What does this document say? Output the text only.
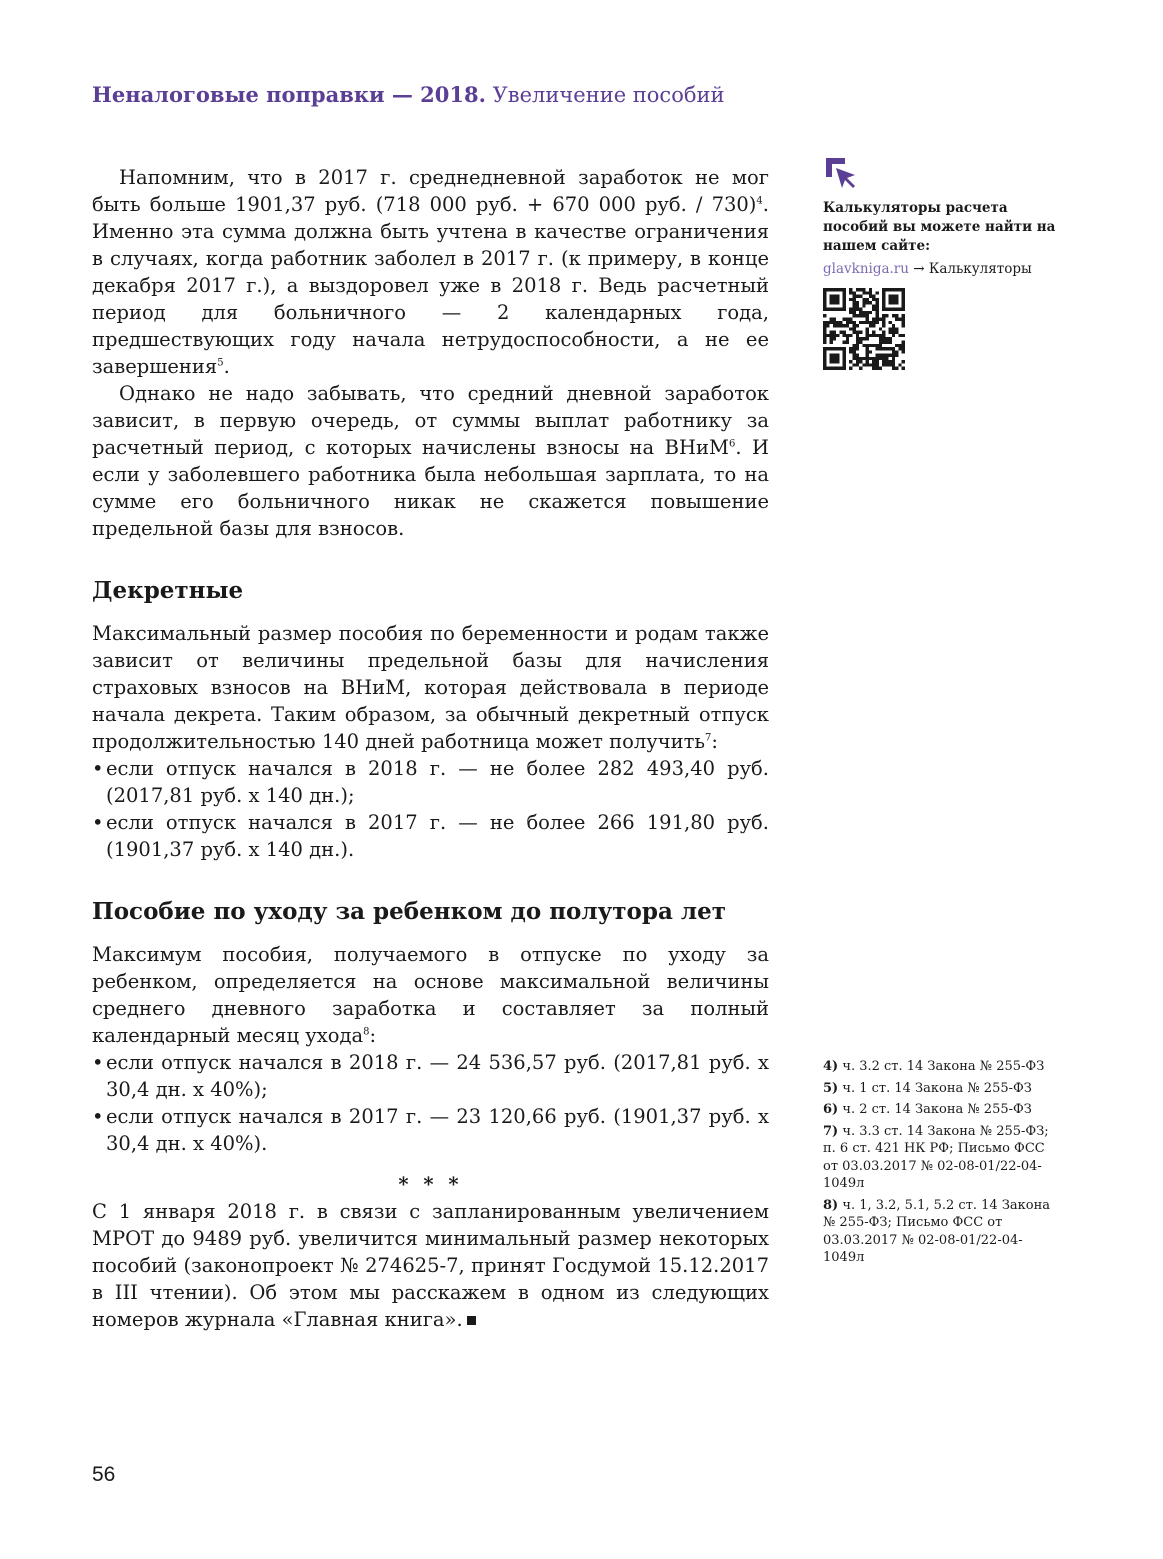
Неналоговые поправки — 2018. Увеличение пособий

Напомним, что в 2017 г. среднедневной заработок не мог быть больше 1901,37 руб. (718 000 руб. + 670 000 руб. / 730)$^4$. Именно эта сумма должна быть учтена в качестве ограничения в случаях, когда работник заболел в 2017 г. (к примеру, в конце декабря 2017 г.), а выздоровел уже в 2018 г. Ведь расчетный период для больничного — 2 календарных года, предшествующих году начала нетрудоспособности, а не ее завершения$^5$.

Однако не надо забывать, что средний дневной заработок зависит, в первую очередь, от суммы выплат работнику за расчетный период, с которых начислены взносы на ВНиМ$^6$. И если у заболевшего работника была небольшая зарплата, то на сумме его больничного никак не скажется повышение предельной базы для взносов.

Декретные

Максимальный размер пособия по беременности и родам также зависит от величины предельной базы для начисления страховых взносов на ВНиМ, которая действовала в периоде начала декрета. Таким образом, за обычный декретный отпуск продолжительностью 140 дней работница может получить$^7$:

• если отпуск начался в 2018 г. — не более 282 493,40 руб. (2017,81 руб. х 140 дн.);
• если отпуск начался в 2017 г. — не более 266 191,80 руб. (1901,37 руб. х 140 дн.).
Пособие по уходу за ребенком до полутора лет

Максимум пособия, получаемого в отпуске по уходу за ребенком, определяется на основе максимальной величины среднего дневного заработка и составляет за полный календарный месяц ухода$^8$:

• если отпуск начался в 2018 г. — 24 536,57 руб. (2017,81 руб. х 30,4 дн. х 40%);
• если отпуск начался в 2017 г. — 23 120,66 руб. (1901,37 руб. х 30,4 дн. х 40%).
* * *

С 1 января 2018 г. в связи с запланированным увеличением МРОТ до 9489 руб. увеличится минимальный размер некоторых пособий (законопроект № 274625-7, принят Госдумой 15.12.2017 в III чтении). Об этом мы расскажем в одном из следующих номеров журнала «Главная книга».

Калькуляторы расчета пособий вы можете найти на нашем сайте:
glavkniga.ru → Калькуляторы
4) ч. 3.2 ст. 14 Закона № 255-ФЗ
5) ч. 1 ст. 14 Закона № 255-ФЗ
6) ч. 2 ст. 14 Закона № 255-ФЗ
7) ч. 3.3 ст. 14 Закона № 255-ФЗ; п. 6 ст. 421 НК РФ; Письмо ФСС от 03.03.2017 № 02-08-01/22-04-1049л
8) ч. 1, 3.2, 5.1, 5.2 ст. 14 Закона № 255-ФЗ; Письмо ФСС от 03.03.2017 № 02-08-01/22-04-1049л
56
